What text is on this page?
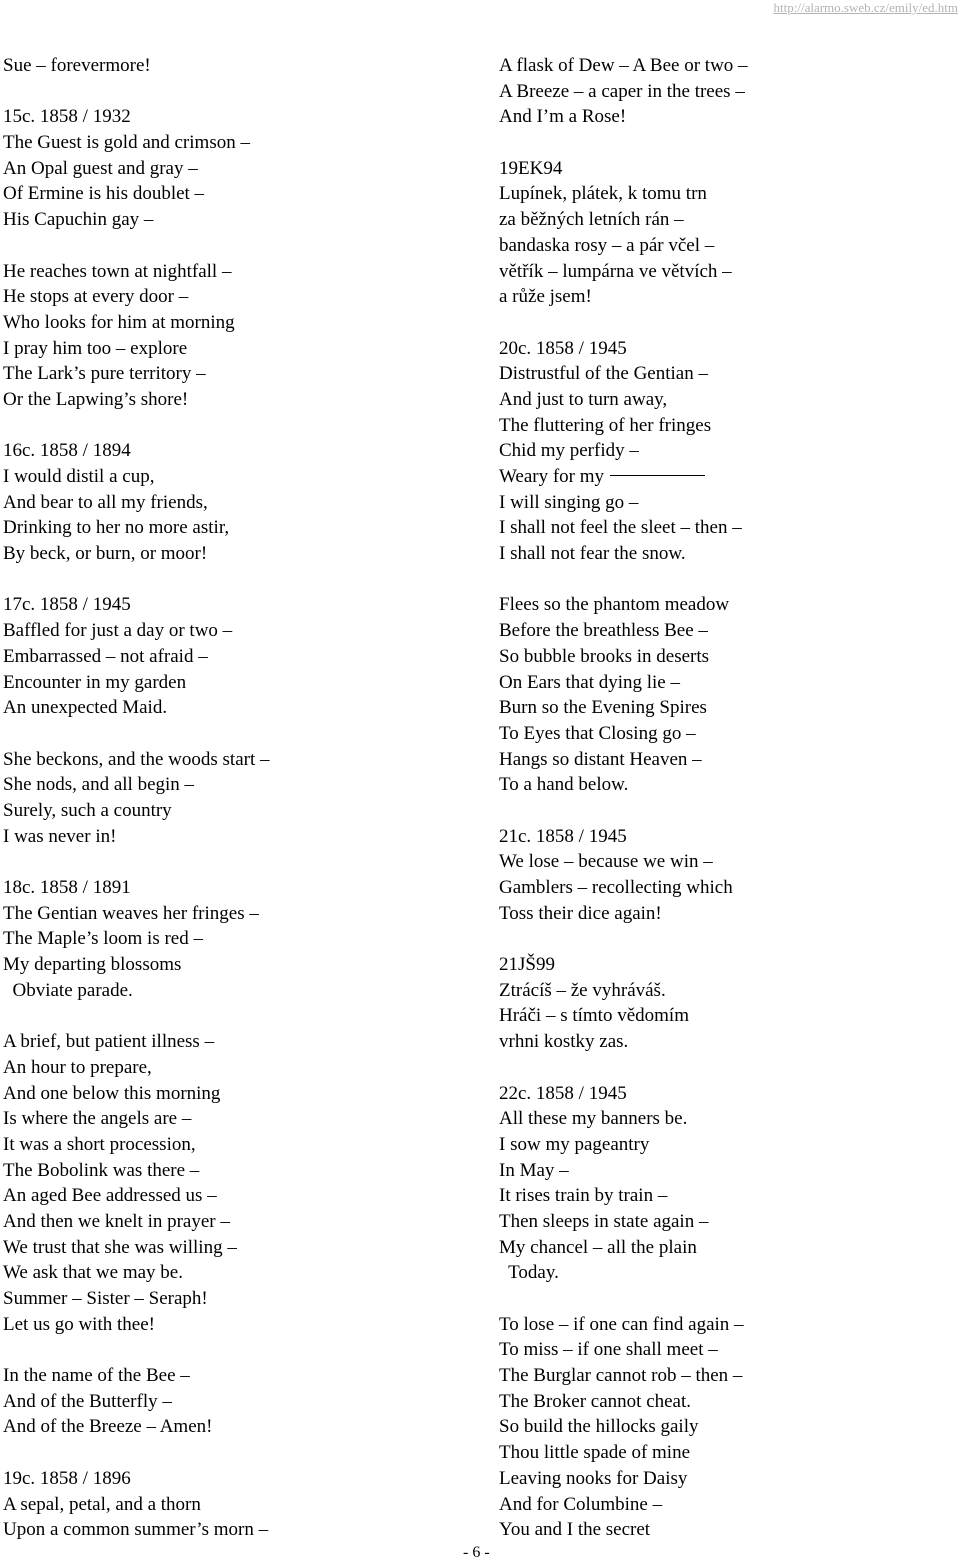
http://alarmo.sweb.cz/emily/ed.htm
Sue – forevermore!
15c. 1858 / 1932
The Guest is gold and crimson –
An Opal guest and gray –
Of Ermine is his doublet –
His Capuchin gay –
He reaches town at nightfall –
He stops at every door –
Who looks for him at morning
I pray him too – explore
The Lark’s pure territory –
Or the Lapwing’s shore!
16c. 1858 / 1894
I would distil a cup,
And bear to all my friends,
Drinking to her no more astir,
By beck, or burn, or moor!
17c. 1858 / 1945
Baffled for just a day or two –
Embarrassed – not afraid –
Encounter in my garden
An unexpected Maid.
She beckons, and the woods start –
She nods, and all begin –
Surely, such a country
I was never in!
18c. 1858 / 1891
The Gentian weaves her fringes –
The Maple’s loom is red –
My departing blossoms
Obviate parade.
A brief, but patient illness –
An hour to prepare,
And one below this morning
Is where the angels are –
It was a short procession,
The Bobolink was there –
An aged Bee addressed us –
And then we knelt in prayer –
We trust that she was willing –
We ask that we may be.
Summer – Sister – Seraph!
Let us go with thee!
In the name of the Bee –
And of the Butterfly –
And of the Breeze – Amen!
19c. 1858 / 1896
A sepal, petal, and a thorn
Upon a common summer’s morn –
A flask of Dew – A Bee or two –
A Breeze – a caper in the trees –
And I’m a Rose!
19EK94
Lupínek, plátek, k tomu trn
za běžných letních rán –
bandaska rosy – a pár včel –
větřík – lumpárna ve větvích –
a růže jsem!
20c. 1858 / 1945
Distrustful of the Gentian –
And just to turn away,
The fluttering of her fringes
Chid my perfidy –
Weary for my
I will singing go –
I shall not feel the sleet – then –
I shall not fear the snow.
Flees so the phantom meadow
Before the breathless Bee –
So bubble brooks in deserts
On Ears that dying lie –
Burn so the Evening Spires
To Eyes that Closing go –
Hangs so distant Heaven –
To a hand below.
21c. 1858 / 1945
We lose – because we win –
Gamblers – recollecting which
Toss their dice again!
21JŠ99
Ztrácíš – že vyhráváš.
Hráči – s tímto vědomím
vrhni kostky zas.
22c. 1858 / 1945
All these my banners be.
I sow my pageantry
In May –
It rises train by train –
Then sleeps in state again –
My chancel – all the plain
Today.
To lose – if one can find again –
To miss – if one shall meet –
The Burglar cannot rob – then –
The Broker cannot cheat.
So build the hillocks gaily
Thou little spade of mine
Leaving nooks for Daisy
And for Columbine –
You and I the secret
- 6 -
